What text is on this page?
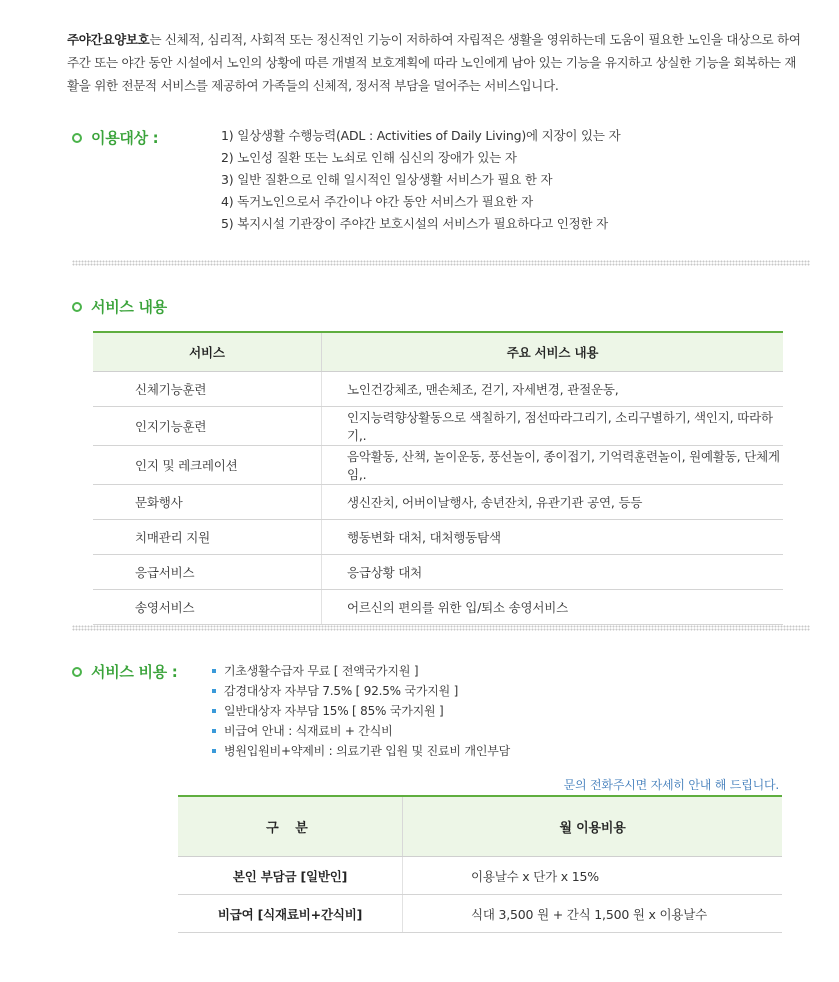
주야간요양보호는 신체적, 심리적, 사회적 또는 정신적인 기능이 저하하여 자립적은 생활을 영위하는데 도움이 필요한 노인을 대상으로 하여 주간 또는 야간 동안 시설에서 노인의 상황에 따른 개별적 보호계획에 따라 노인에게 남아 있는 기능을 유지하고 상실한 기능을 회복하는 재활을 위한 전문적 서비스를 제공하여 가족들의 신체적, 정서적 부담을 덜어주는 서비스입니다.
이용대상 :	1) 일상생활 수행능력(ADL : Activities of Daily Living)에 지장이 있는 자
2) 노인성 질환 또는 노쇠로 인해 심신의 장애가 있는 자
3) 일반 질환으로 인해 일시적인 일상생활 서비스가 필요 한 자
4) 독거노인으로서 주간이나 야간 동안 서비스가 필요한 자
5) 복지시설 기관장이 주야간 보호시설의 서비스가 필요하다고 인정한 자
서비스 내용
서비스	주요 서비스 내용
신체기능훈련	노인건강체조, 맨손체조, 걷기, 자세변경, 관절운동,
인지기능훈련	인지능력향상활동으로 색칠하기, 점선따라그리기, 소리구별하기, 색인지, 따라하기,.
인지 및 레크레이션	음악활동, 산책, 놀이운동, 풍선놀이, 종이접기, 기억력훈련놀이, 원예활동, 단체게임,.
문화행사	생신잔치, 어버이날행사, 송년잔치, 유관기관 공연, 등등
치매관리 지원	행동변화 대처, 대처행동탐색
응급서비스	응급상황 대처
송영서비스	어르신의 편의를 위한 입/퇴소 송영서비스
서비스 비용 :	기초생활수급자 무료 [ 전액국가지원 ]
감경대상자 자부담 7.5% [ 92.5% 국가지원 ]
일반대상자 자부담 15% [ 85% 국가지원 ]
비급여 안내 : 식재료비 + 간식비
병원입원비+약제비 : 의료기관 입원 및 진료비 개인부담
문의 전화주시면 자세히 안내 해 드립니다.
구 분	월 이용비용
본인 부담금 [일반인]	이용날수 x 단가 x 15%
비급여 [식재료비+간식비]	식대 3,500 원 + 간식 1,500 원 x 이용날수
